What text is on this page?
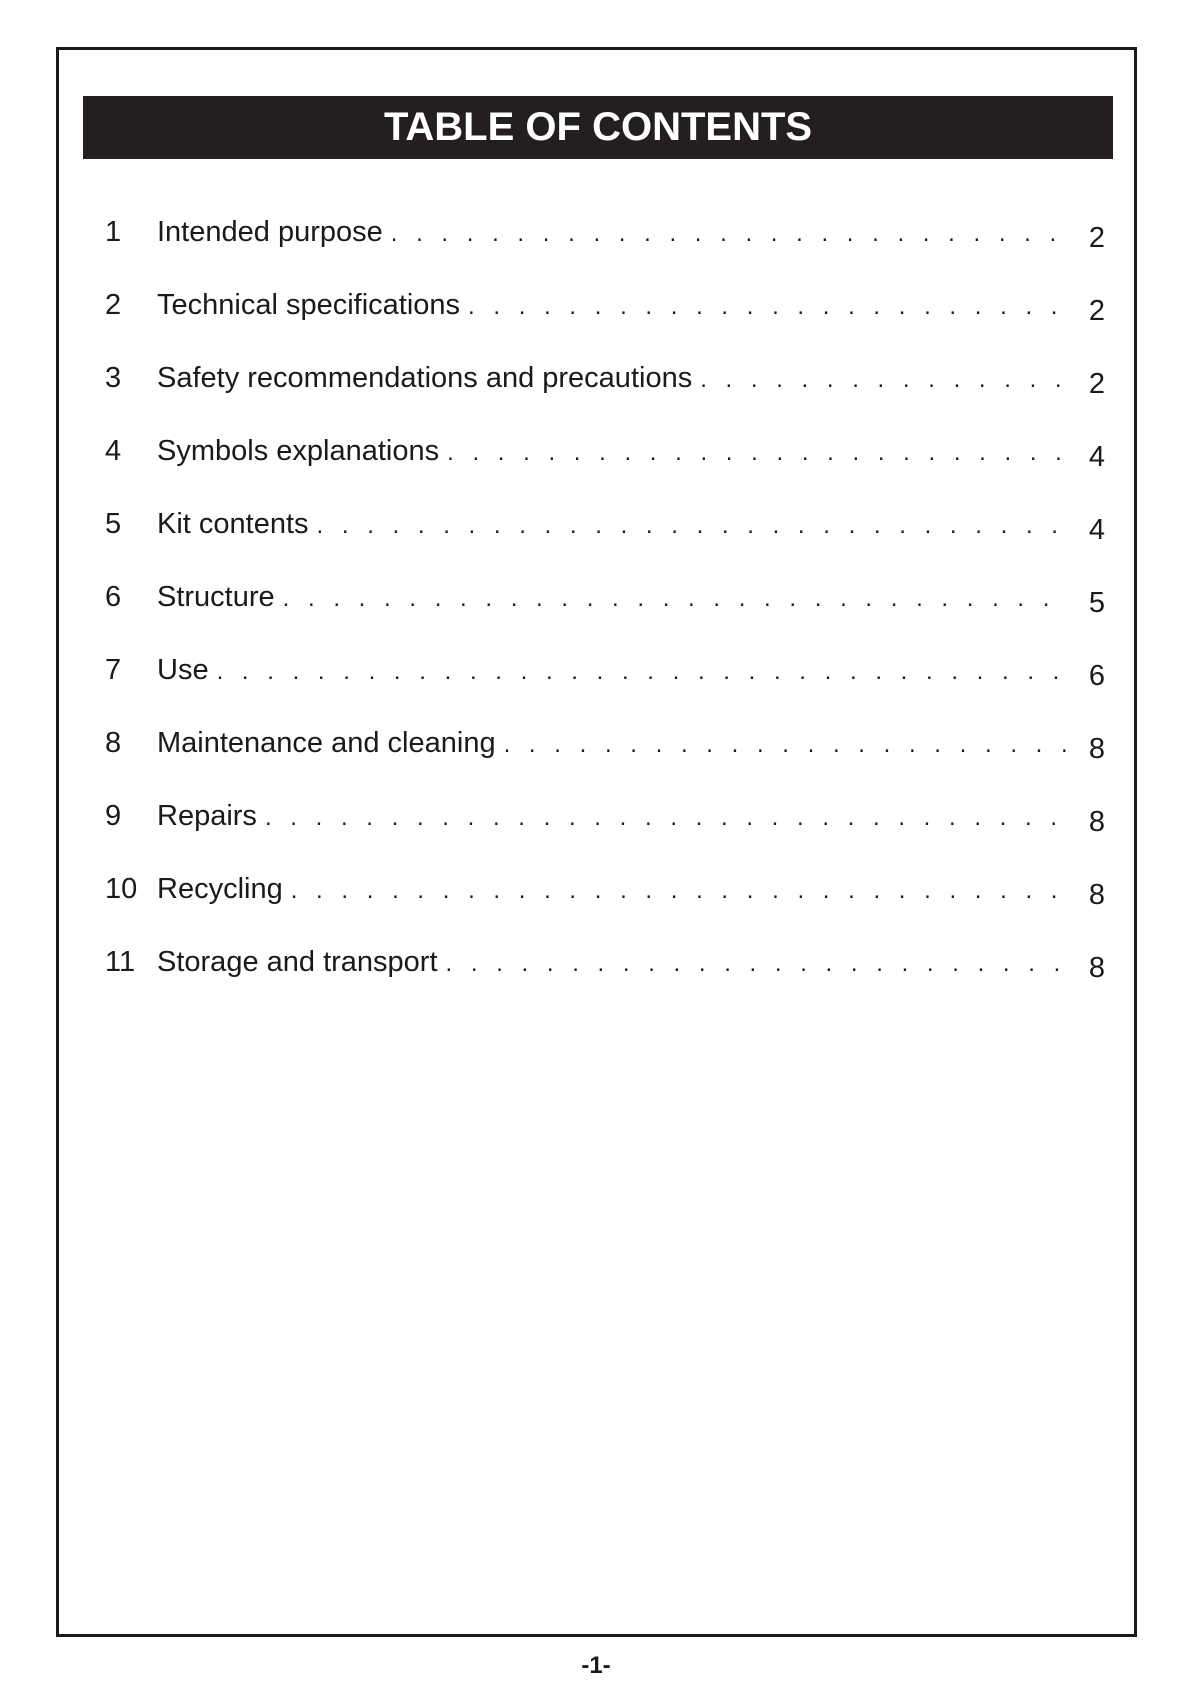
TABLE OF CONTENTS
1	Intended purpose . . .	2
2	Technical specifications . . .	2
3	Safety recommendations and precautions . . .	2
4	Symbols explanations . . .	4
5	Kit contents . . .	4
6	Structure . . .	5
7	Use . . .	6
8	Maintenance and cleaning . . .	8
9	Repairs . . .	8
10 Recycling . . .	8
11 Storage and transport . . .	8
-1-
